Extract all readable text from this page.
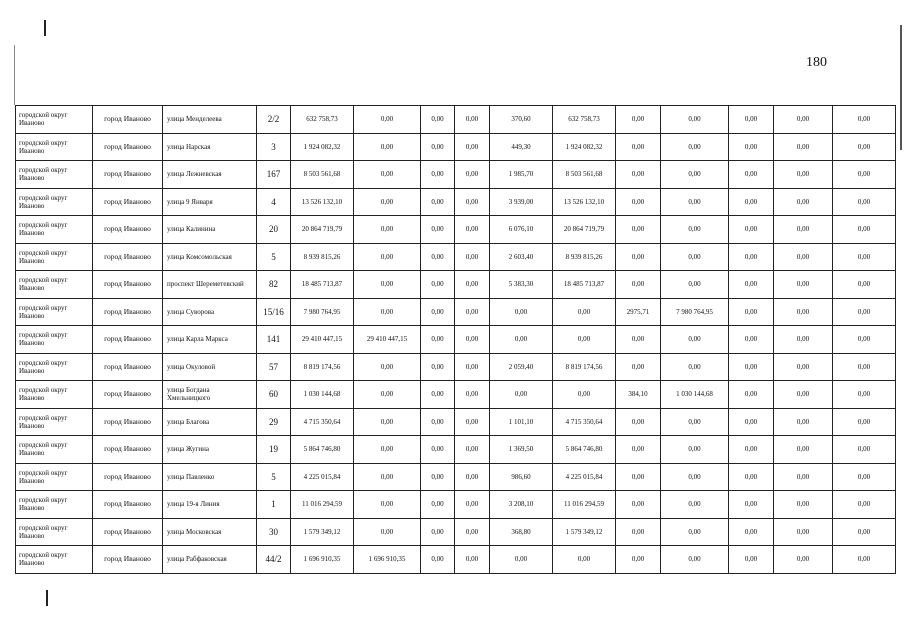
180
городской округ Иваново	город Иваново	улица Менделеева	2/2	632 758,73	0,00	0,00	0,00	370,60	632 758,73	0,00	0,00	0,00	0,00	0,00
городской округ Иваново	город Иваново	улица Нарская	3	1 924 082,32	0,00	0,00	0,00	449,30	1 924 082,32	0,00	0,00	0,00	0,00	0,00
городской округ Иваново	город Иваново	улица Лежневская	167	8 503 561,68	0,00	0,00	0,00	1 985,70	8 503 561,68	0,00	0,00	0,00	0,00	0,00
городской округ Иваново	город Иваново	улица 9 Января	4	13 526 132,10	0,00	0,00	0,00	3 939,00	13 526 132,10	0,00	0,00	0,00	0,00	0,00
городской округ Иваново	город Иваново	улица Калинина	20	20 864 719,79	0,00	0,00	0,00	6 076,10	20 864 719,79	0,00	0,00	0,00	0,00	0,00
городской округ Иваново	город Иваново	улица Комсомольская	5	8 939 815,26	0,00	0,00	0,00	2 603,40	8 939 815,26	0,00	0,00	0,00	0,00	0,00
городской округ Иваново	город Иваново	проспект Шереметевский	82	18 485 713,87	0,00	0,00	0,00	5 383,30	18 485 713,87	0,00	0,00	0,00	0,00	0,00
городской округ Иваново	город Иваново	улица Суворова	15/16	7 980 764,95	0,00	0,00	0,00	0,00	0,00	2975,71	7 980 764,95	0,00	0,00	0,00
городской округ Иваново	город Иваново	улица Карла Маркса	141	29 410 447,15	29 410 447,15	0,00	0,00	0,00	0,00	0,00	0,00	0,00	0,00	0,00
городской округ Иваново	город Иваново	улица Окуловой	57	8 819 174,56	0,00	0,00	0,00	2 059,40	8 819 174,56	0,00	0,00	0,00	0,00	0,00
городской округ Иваново	город Иваново	улица Богдана Хмельницкого	60	1 030 144,68	0,00	0,00	0,00	0,00	0,00	384,10	1 030 144,68	0,00	0,00	0,00
городской округ Иваново	город Иваново	улица Благова	29	4 715 350,64	0,00	0,00	0,00	1 101,10	4 715 350,64	0,00	0,00	0,00	0,00	0,00
городской округ Иваново	город Иваново	улица Жугина	19	5 864 746,80	0,00	0,00	0,00	1 369,50	5 864 746,80	0,00	0,00	0,00	0,00	0,00
городской округ Иваново	город Иваново	улица Павленко	5	4 225 015,84	0,00	0,00	0,00	986,60	4 225 015,84	0,00	0,00	0,00	0,00	0,00
городской округ Иваново	город Иваново	улица 19-я Линия	1	11 016 294,59	0,00	0,00	0,00	3 208,10	11 016 294,59	0,00	0,00	0,00	0,00	0,00
городской округ Иваново	город Иваново	улица Московская	30	1 579 349,12	0,00	0,00	0,00	368,80	1 579 349,12	0,00	0,00	0,00	0,00	0,00
городской округ Иваново	город Иваново	улица Рабфаковская	44/2	1 696 910,35	1 696 910,35	0,00	0,00	0,00	0,00	0,00	0,00	0,00	0,00	0,00
